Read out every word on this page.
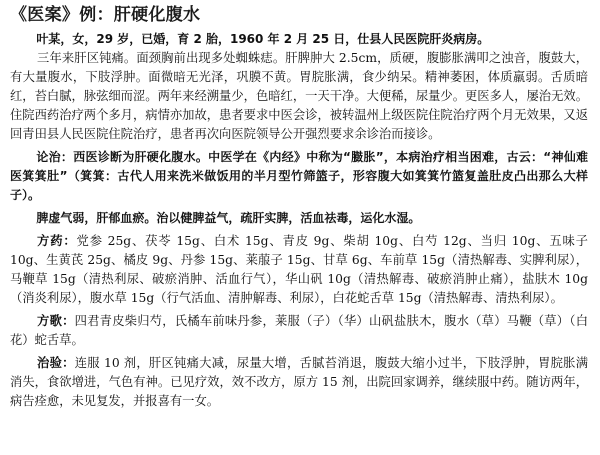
《医案》例：肝硬化腹水

叶某，女，29 岁，已婚，育 2 胎，1960 年 2 月 25 日，仕县人民医院肝炎病房。

三年来肝区钝痛。面颈胸前出现多处蜘蛛痣。肝脾肿大 2.5cm，质硬，腹膨胀满叩之浊音，腹鼓大，有大量腹水，下肢浮肿。面微暗无光泽，巩膜不黄。胃脘胀满，食少纳呆。精神萎困，体质羸弱。舌质暗红，苔白腻，脉弦细而涩。两年来经溯量少，色暗红，一天干净。大便稀，尿量少。更医多人，屡治无效。住院西药治疗两个多月，病情亦加故，患者要求中医会诊，被转温州上级医院住院治疗两个月无效果，又返回青田县人民医院住院治疗，患者再次向医院领导公开强烈要求余诊治而接诊。

论治：西医诊断为肝硬化腹水。中医学在《内经》中称为“臌胀”，本病治疗相当困难，古云：“神仙难医箕箕肚”（箕箕：古代人用来洗米做饭用的半月型竹筛篮子，形容腹大如箕箕竹篮复盖肚皮凸出那么大样子）。

脾虚气弱，肝郁血瘀。治以健脾益气，疏肝实脾，活血祛毒，运化水湿。

方药：党参 25g、茯苓 15g、白术 15g、青皮 9g、柴胡 10g、白芍 12g、当归 10g、五味子 10g、生黄芪 25g、橘皮 9g、丹参 15g、莱菔子 15g、甘草 6g、车前草 15g（清热解毒、实脾利尿），马鞭草 15g（清热利尿、破瘀消肿、活血行气），华山矾 10g（清热解毒、破瘀消肿止痛），盐肤木 10g（消炎利尿），腹水草 15g（行气活血、清肿解毒、利尿），白花蛇舌草 15g（清热解毒、清热利尿）。

方歌：四君青皮柴归芍，氏橘车前味丹参，莱服（子）（华）山矾盐肤木，腹水（草）马鞭（草）（白花）蛇舌草。

治验：连服 10 剂，肝区钝痛大减，尿量大增，舌腻苔消退，腹鼓大缩小过半，下肢浮肿，胃脘胀满消失，食欲增进，气色有神。已见疗效，效不改方，原方 15 剂，出院回家调养，继续服中药。随访两年，病告痊愈，未见复发，并报喜有一女。
